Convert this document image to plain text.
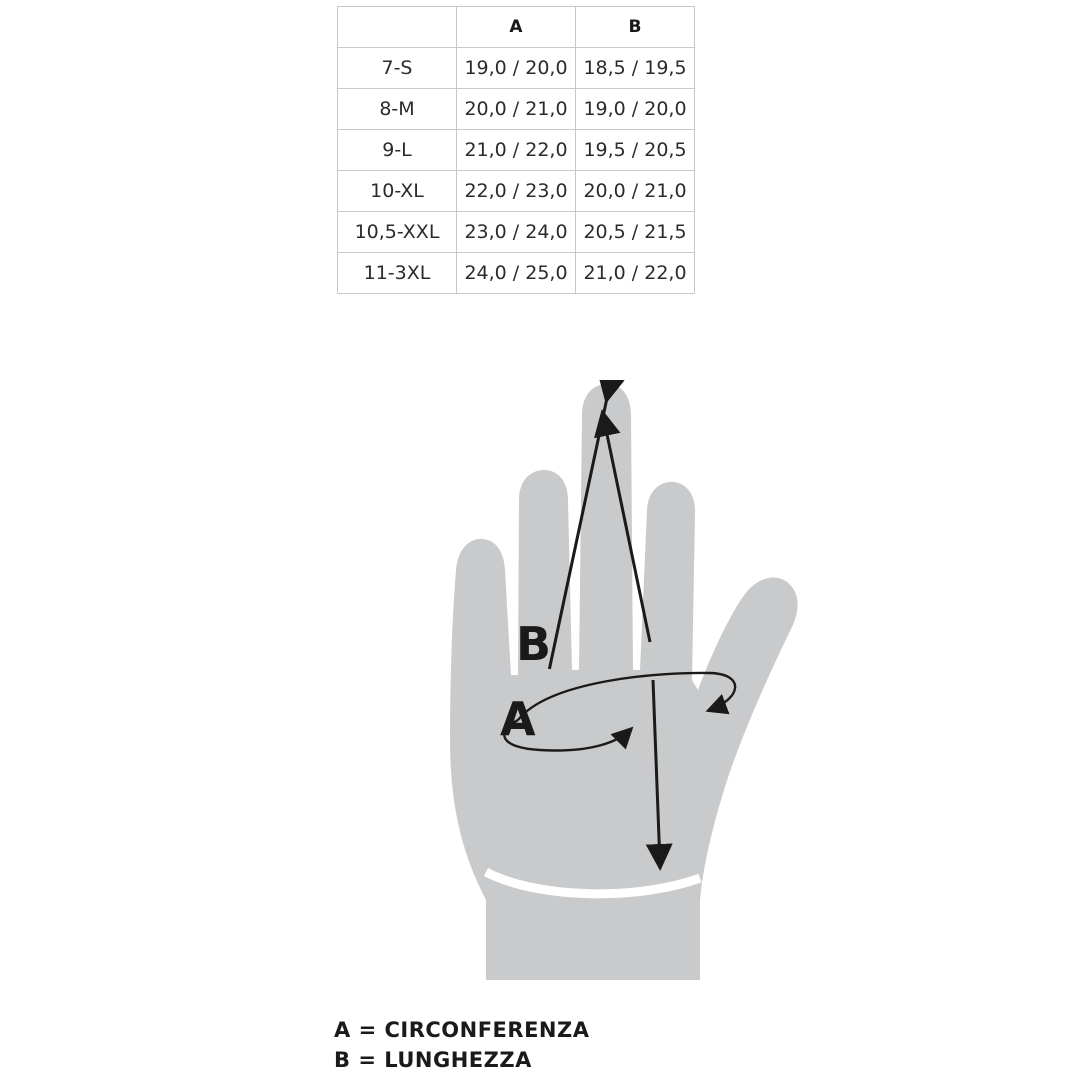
	A	B
7-S	19,0 / 20,0	18,5 / 19,5
8-M	20,0 / 21,0	19,0 / 20,0
9-L	21,0 / 22,0	19,5 / 20,5
10-XL	22,0 / 23,0	20,0 / 21,0
10,5-XXL	23,0 / 24,0	20,5 / 21,5
11-3XL	24,0 / 25,0	21,0 / 22,0
B
A
A = CIRCONFERENZA
B = LUNGHEZZA
